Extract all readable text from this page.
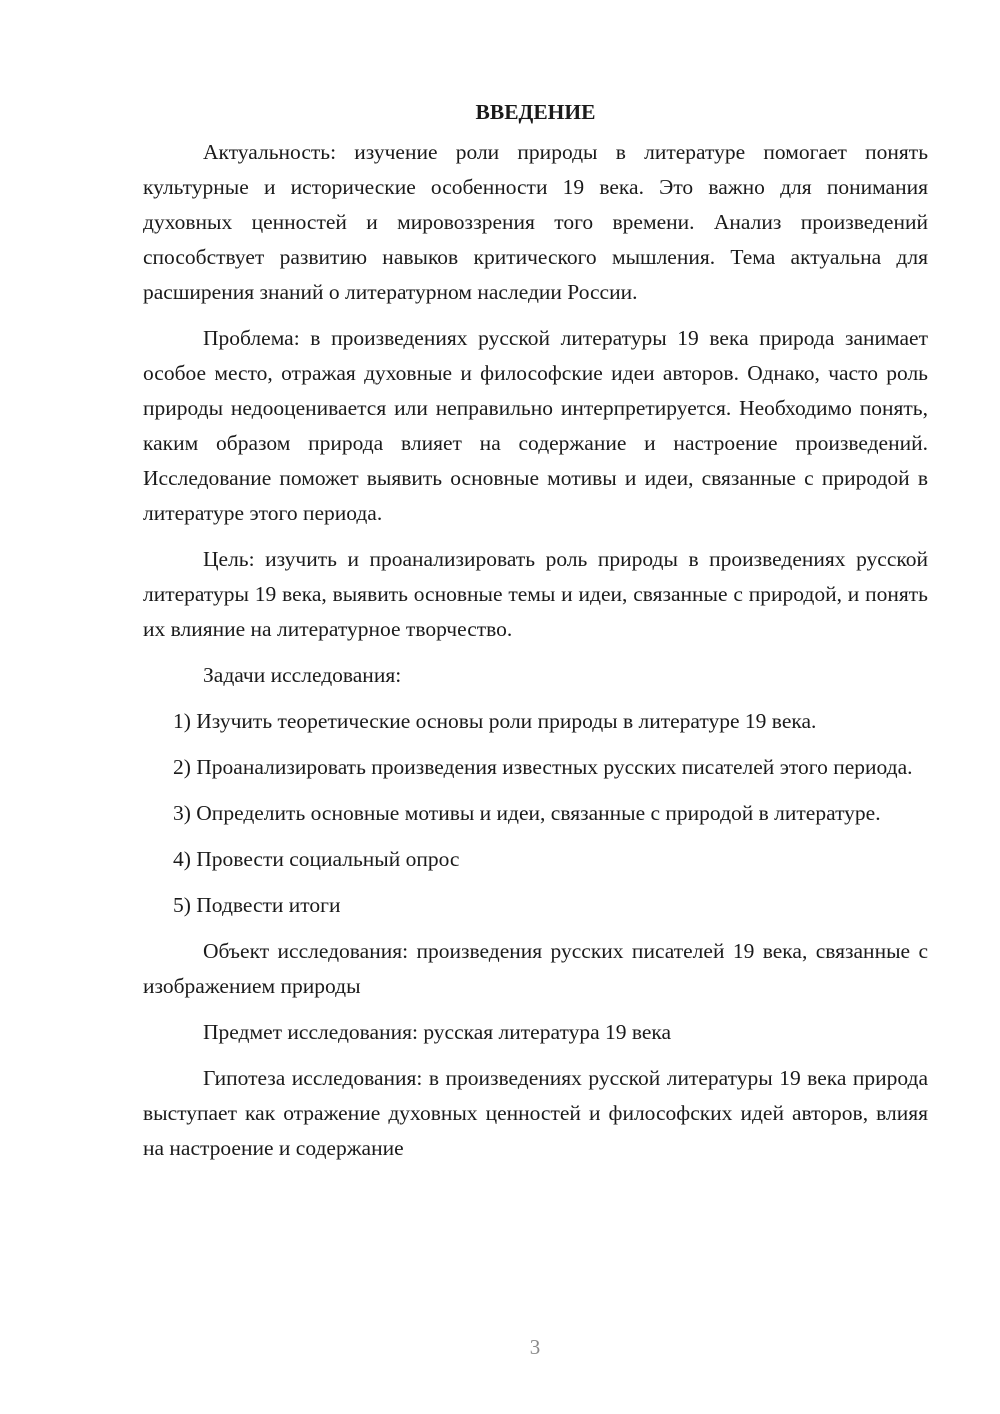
ВВЕДЕНИЕ

Актуальность: изучение роли природы в литературе помогает понять культурные и исторические особенности 19 века. Это важно для понимания духовных ценностей и мировоззрения того времени. Анализ произведений способствует развитию навыков критического мышления. Тема актуальна для расширения знаний о литературном наследии России.

Проблема: в произведениях русской литературы 19 века природа занимает особое место, отражая духовные и философские идеи авторов. Однако, часто роль природы недооценивается или неправильно интерпретируется. Необходимо понять, каким образом природа влияет на содержание и настроение произведений. Исследование поможет выявить основные мотивы и идеи, связанные с природой в литературе этого периода.

Цель: изучить и проанализировать роль природы в произведениях русской литературы 19 века, выявить основные темы и идеи, связанные с природой, и понять их влияние на литературное творчество.

Задачи исследования:

1) Изучить теоретические основы роли природы в литературе 19 века.

2) Проанализировать произведения известных русских писателей этого периода.

3) Определить основные мотивы и идеи, связанные с природой в литературе.

4) Провести социальный опрос

5) Подвести итоги

Объект исследования: произведения русских писателей 19 века, связанные с изображением природы

Предмет исследования: русская литература 19 века

Гипотеза исследования: в произведениях русской литературы 19 века природа выступает как отражение духовных ценностей и философских идей авторов, влияя на настроение и содержание

3
